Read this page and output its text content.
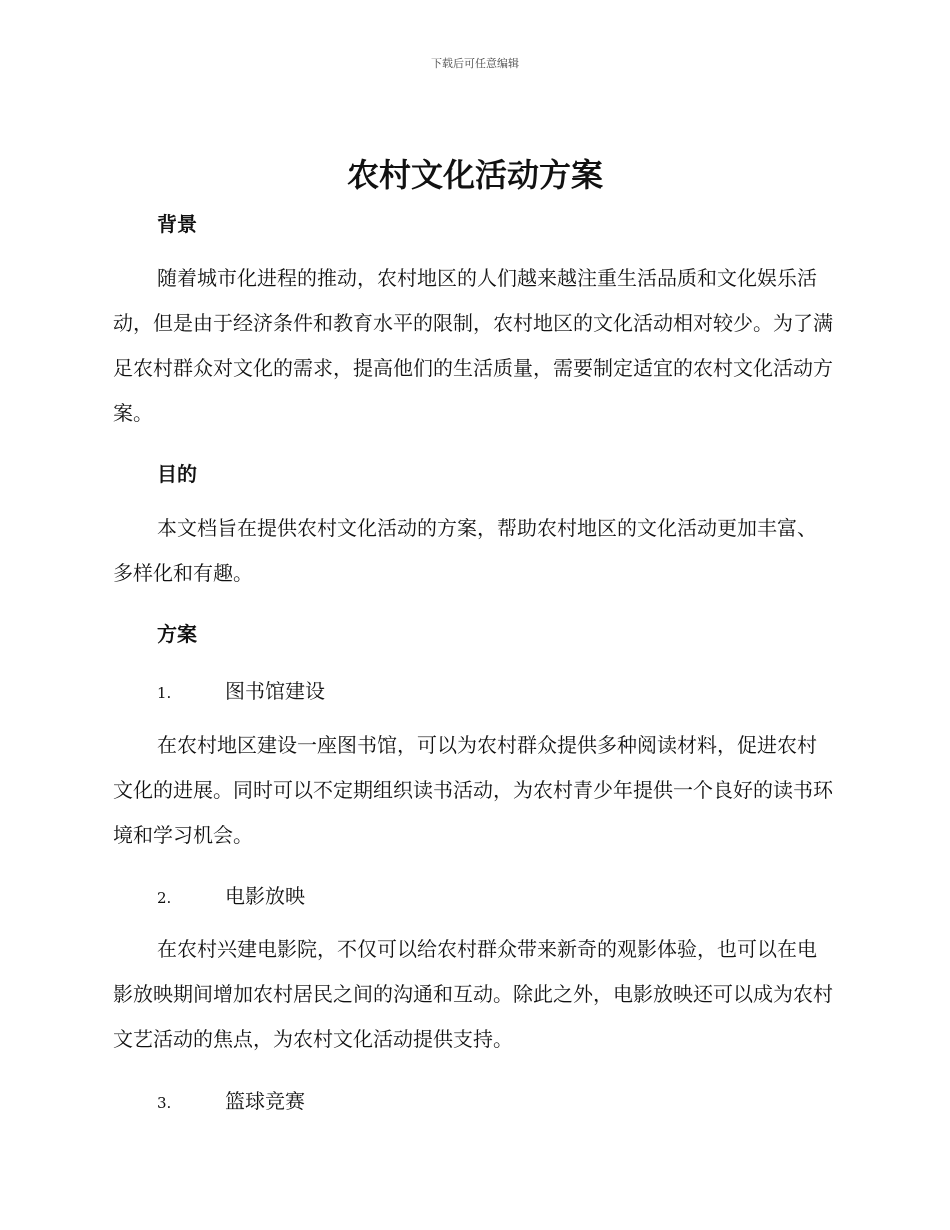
下载后可任意编辑
农村文化活动方案
背景

随着城市化进程的推动，农村地区的人们越来越注重生活品质和文化娱乐活动，但是由于经济条件和教育水平的限制，农村地区的文化活动相对较少。为了满足农村群众对文化的需求，提高他们的生活质量，需要制定适宜的农村文化活动方案。

目的

本文档旨在提供农村文化活动的方案，帮助农村地区的文化活动更加丰富、多样化和有趣。

方案
1.	图书馆建设

在农村地区建设一座图书馆，可以为农村群众提供多种阅读材料，促进农村文化的进展。同时可以不定期组织读书活动，为农村青少年提供一个良好的读书环境和学习机会。

2.	电影放映

在农村兴建电影院，不仅可以给农村群众带来新奇的观影体验，也可以在电影放映期间增加农村居民之间的沟通和互动。除此之外，电影放映还可以成为农村文艺活动的焦点，为农村文化活动提供支持。

3.	篮球竞赛
